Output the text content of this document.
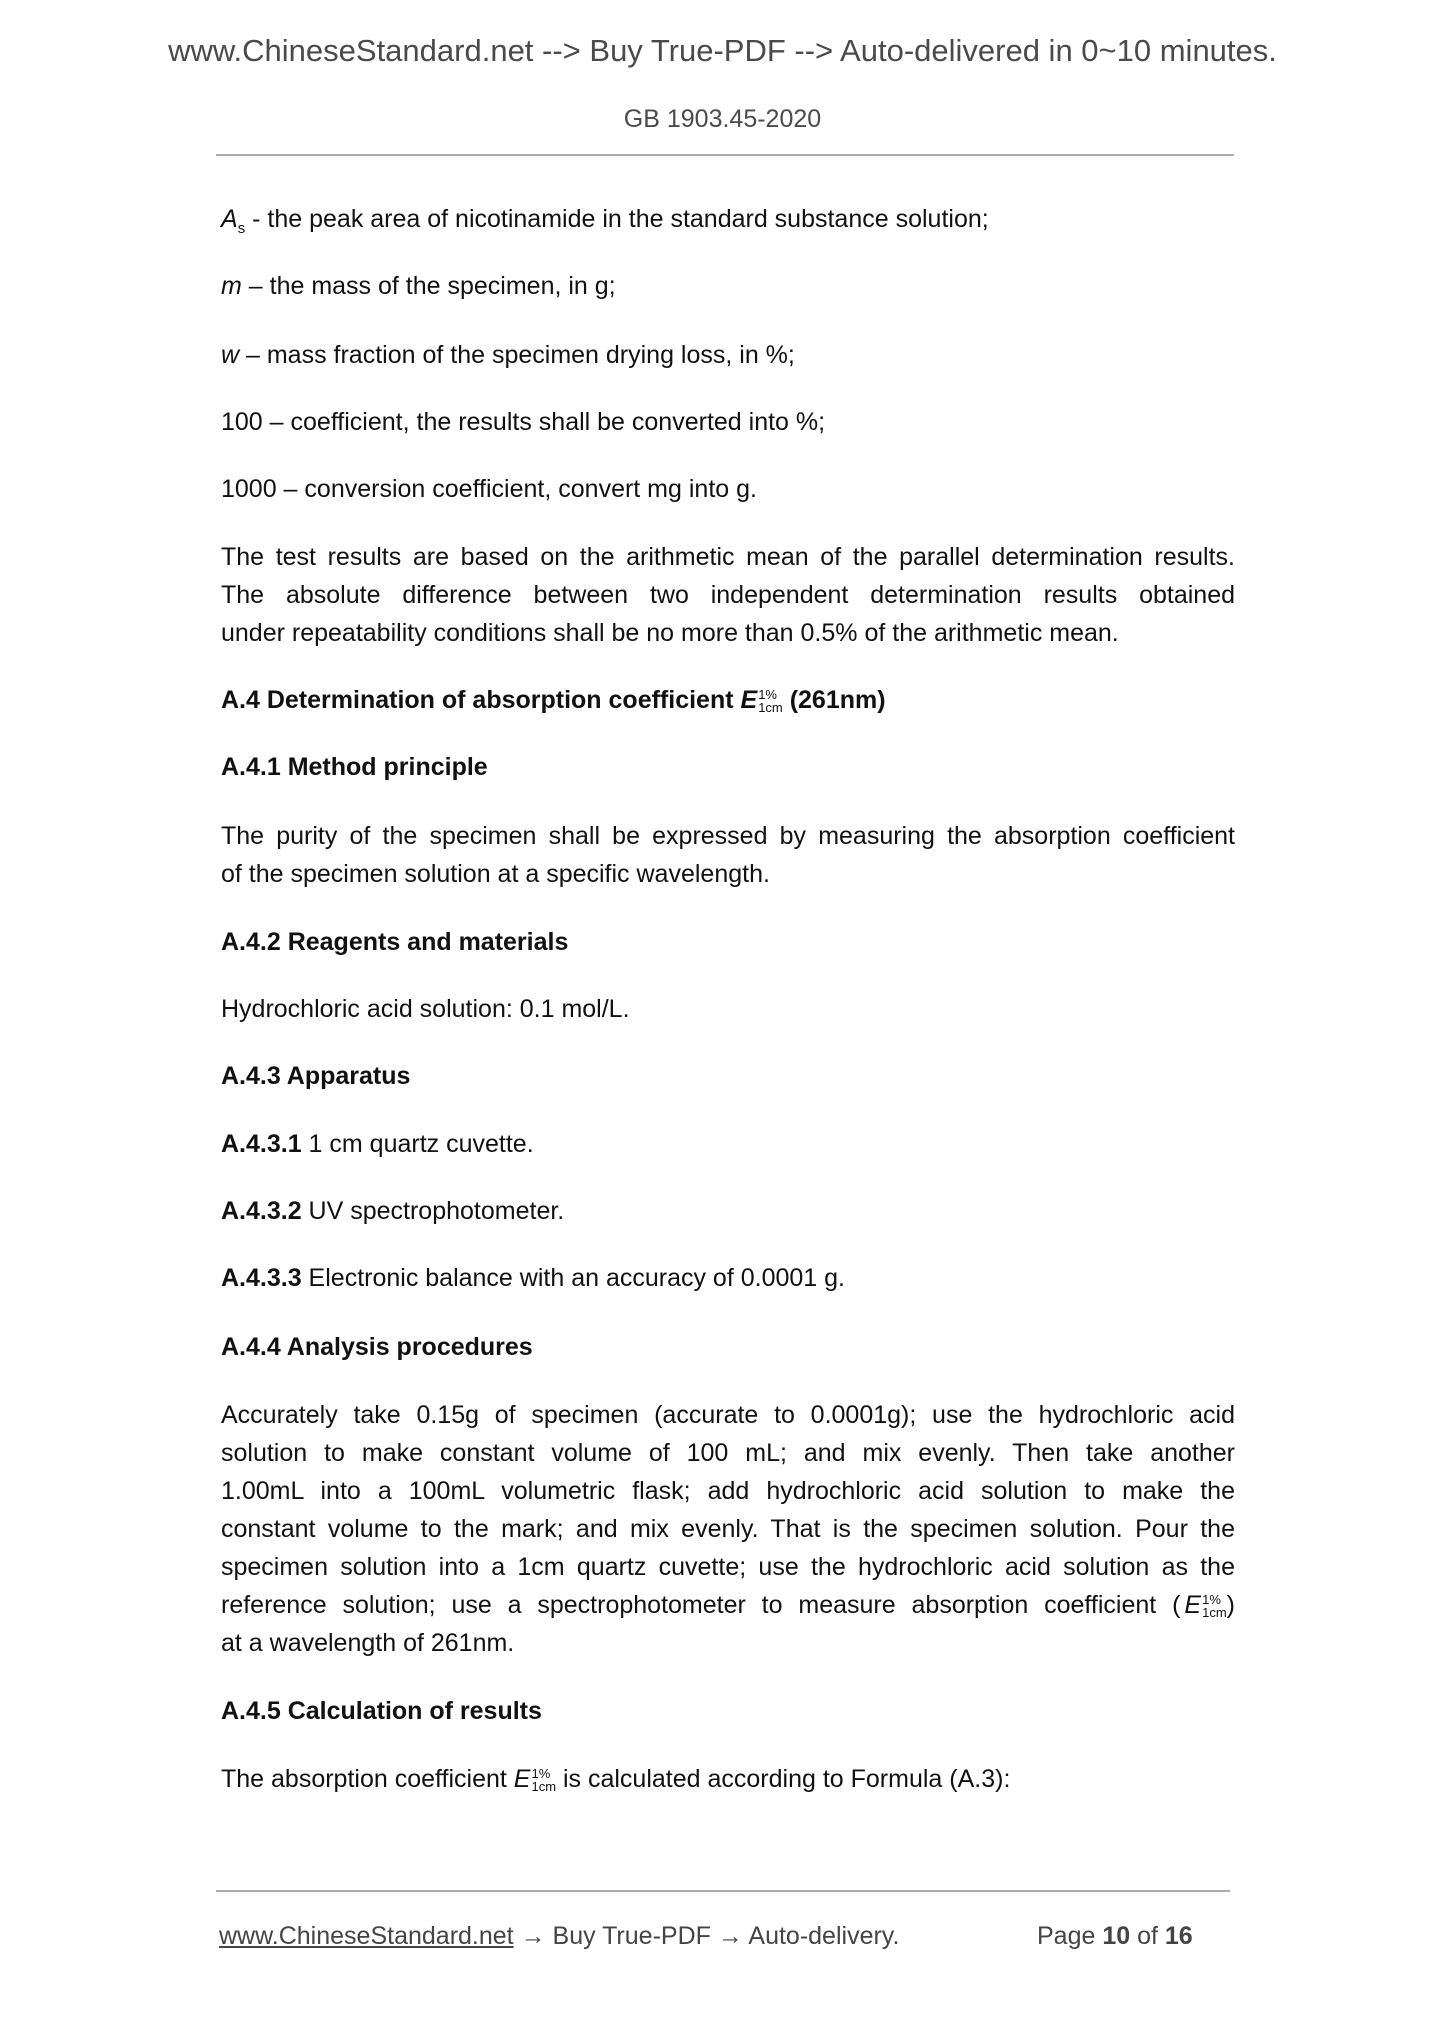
www.ChineseStandard.net --> Buy True-PDF --> Auto-delivered in 0~10 minutes.
GB 1903.45-2020
$A_s$ - the peak area of nicotinamide in the standard substance solution;
m – the mass of the specimen, in g;
w – mass fraction of the specimen drying loss, in %;
100 – coefficient, the results shall be converted into %;
1000 – conversion coefficient, convert mg into g.
The test results are based on the arithmetic mean of the parallel determination results.
The absolute difference between two independent determination results obtained
under repeatability conditions shall be no more than 0.5% of the arithmetic mean.
A.4 Determination of absorption coefficient E 1%
1cm (261nm)
A.4.1 Method principle
The purity of the specimen shall be expressed by measuring the absorption coefficient
of the specimen solution at a specific wavelength.
A.4.2 Reagents and materials
Hydrochloric acid solution: 0.1 mol/L.
A.4.3 Apparatus
A.4.3.1 1 cm quartz cuvette.
A.4.3.2 UV spectrophotometer.
A.4.3.3 Electronic balance with an accuracy of 0.0001 g.
A.4.4 Analysis procedures
Accurately take 0.15g of specimen (accurate to 0.0001g); use the hydrochloric acid
solution to make constant volume of 100 mL; and mix evenly. Then take another
1.00mL into a 100mL volumetric flask; add hydrochloric acid solution to make the
constant volume to the mark; and mix evenly. That is the specimen solution. Pour the
specimen solution into a 1cm quartz cuvette; use the hydrochloric acid solution as the
reference solution; use a spectrophotometer to measure absorption coefficient ( E 1%
1cm )
at a wavelength of 261nm.
A.4.5 Calculation of results
The absorption coefficient E 1%
1cm is calculated according to Formula (A.3):
www.ChineseStandard.net → Buy True-PDF → Auto-delivery.	Page 10 of 16
